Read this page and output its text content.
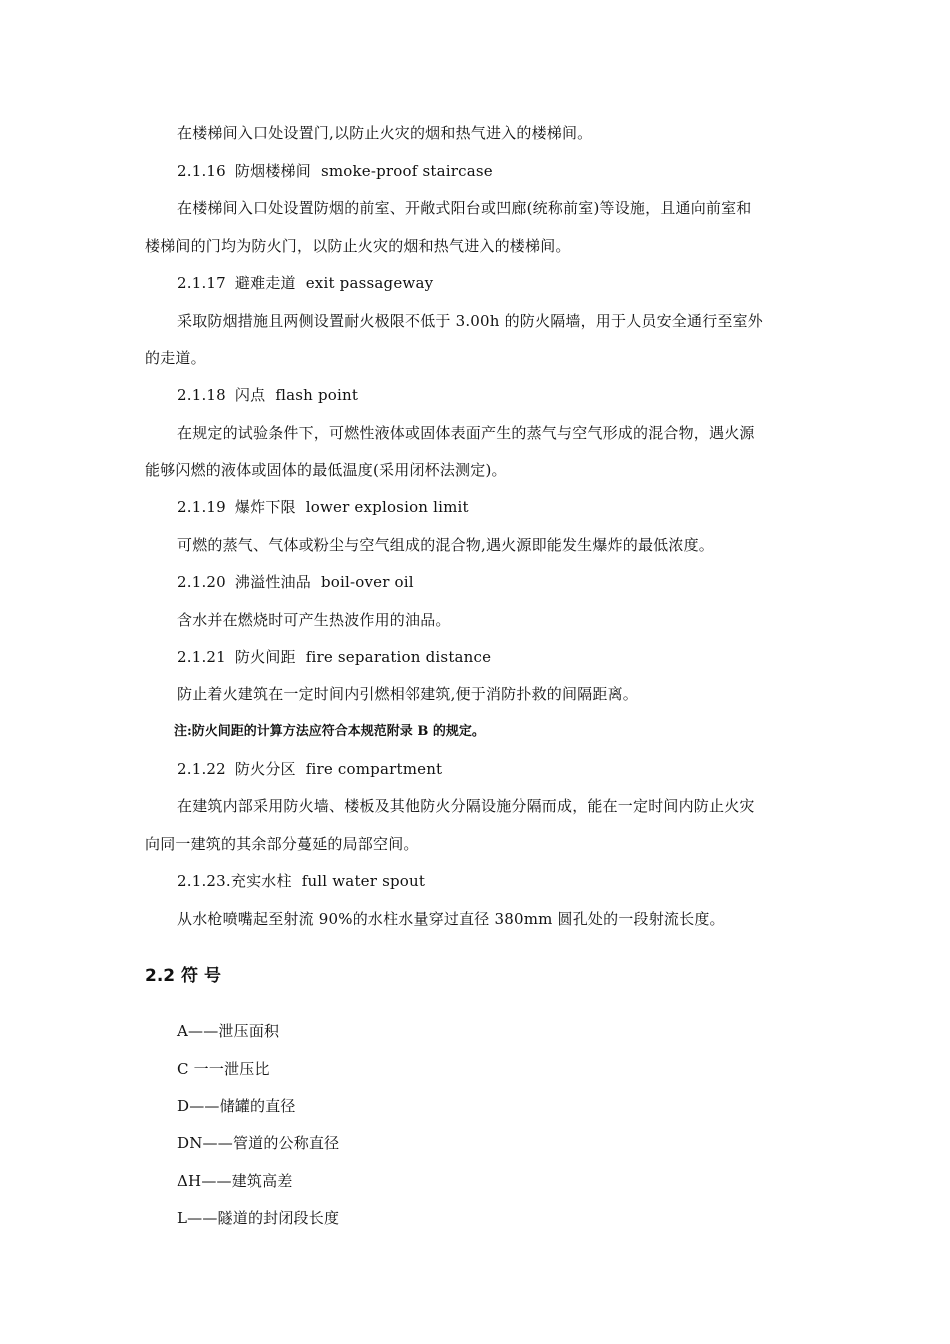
在楼梯间入口处设置门,以防止火灾的烟和热气进入的楼梯间。
2.1.16 防烟楼梯间 smoke-proof staircase
在楼梯间入口处设置防烟的前室、开敞式阳台或凹廊(统称前室)等设施，且通向前室和
楼梯间的门均为防火门，以防止火灾的烟和热气进入的楼梯间。
2.1.17 避难走道 exit passageway
采取防烟措施且两侧设置耐火极限不低于 3.00h 的防火隔墙，用于人员安全通行至室外
的走道。
2.1.18 闪点 flash point
在规定的试验条件下，可燃性液体或固体表面产生的蒸气与空气形成的混合物，遇火源
能够闪燃的液体或固体的最低温度(采用闭杯法测定)。
2.1.19 爆炸下限 lower explosion limit
可燃的蒸气、气体或粉尘与空气组成的混合物,遇火源即能发生爆炸的最低浓度。
2.1.20 沸溢性油品 boil-over oil
含水并在燃烧时可产生热波作用的油品。
2.1.21 防火间距 fire separation distance
防止着火建筑在一定时间内引燃相邻建筑,便于消防扑救的间隔距离。
注:防火间距的计算方法应符合本规范附录 B 的规定。
2.1.22 防火分区 fire compartment
在建筑内部采用防火墙、楼板及其他防火分隔设施分隔而成，能在一定时间内防止火灾
向同一建筑的其余部分蔓延的局部空间。
2.1.23.充实水柱 full water spout
从水枪喷嘴起至射流 90%的水柱水量穿过直径 380mm 圆孔处的一段射流长度。
2.2 符 号
A——泄压面积
C 一一泄压比
D——储罐的直径
DN——管道的公称直径
ΔH——建筑高差
L——隧道的封闭段长度
